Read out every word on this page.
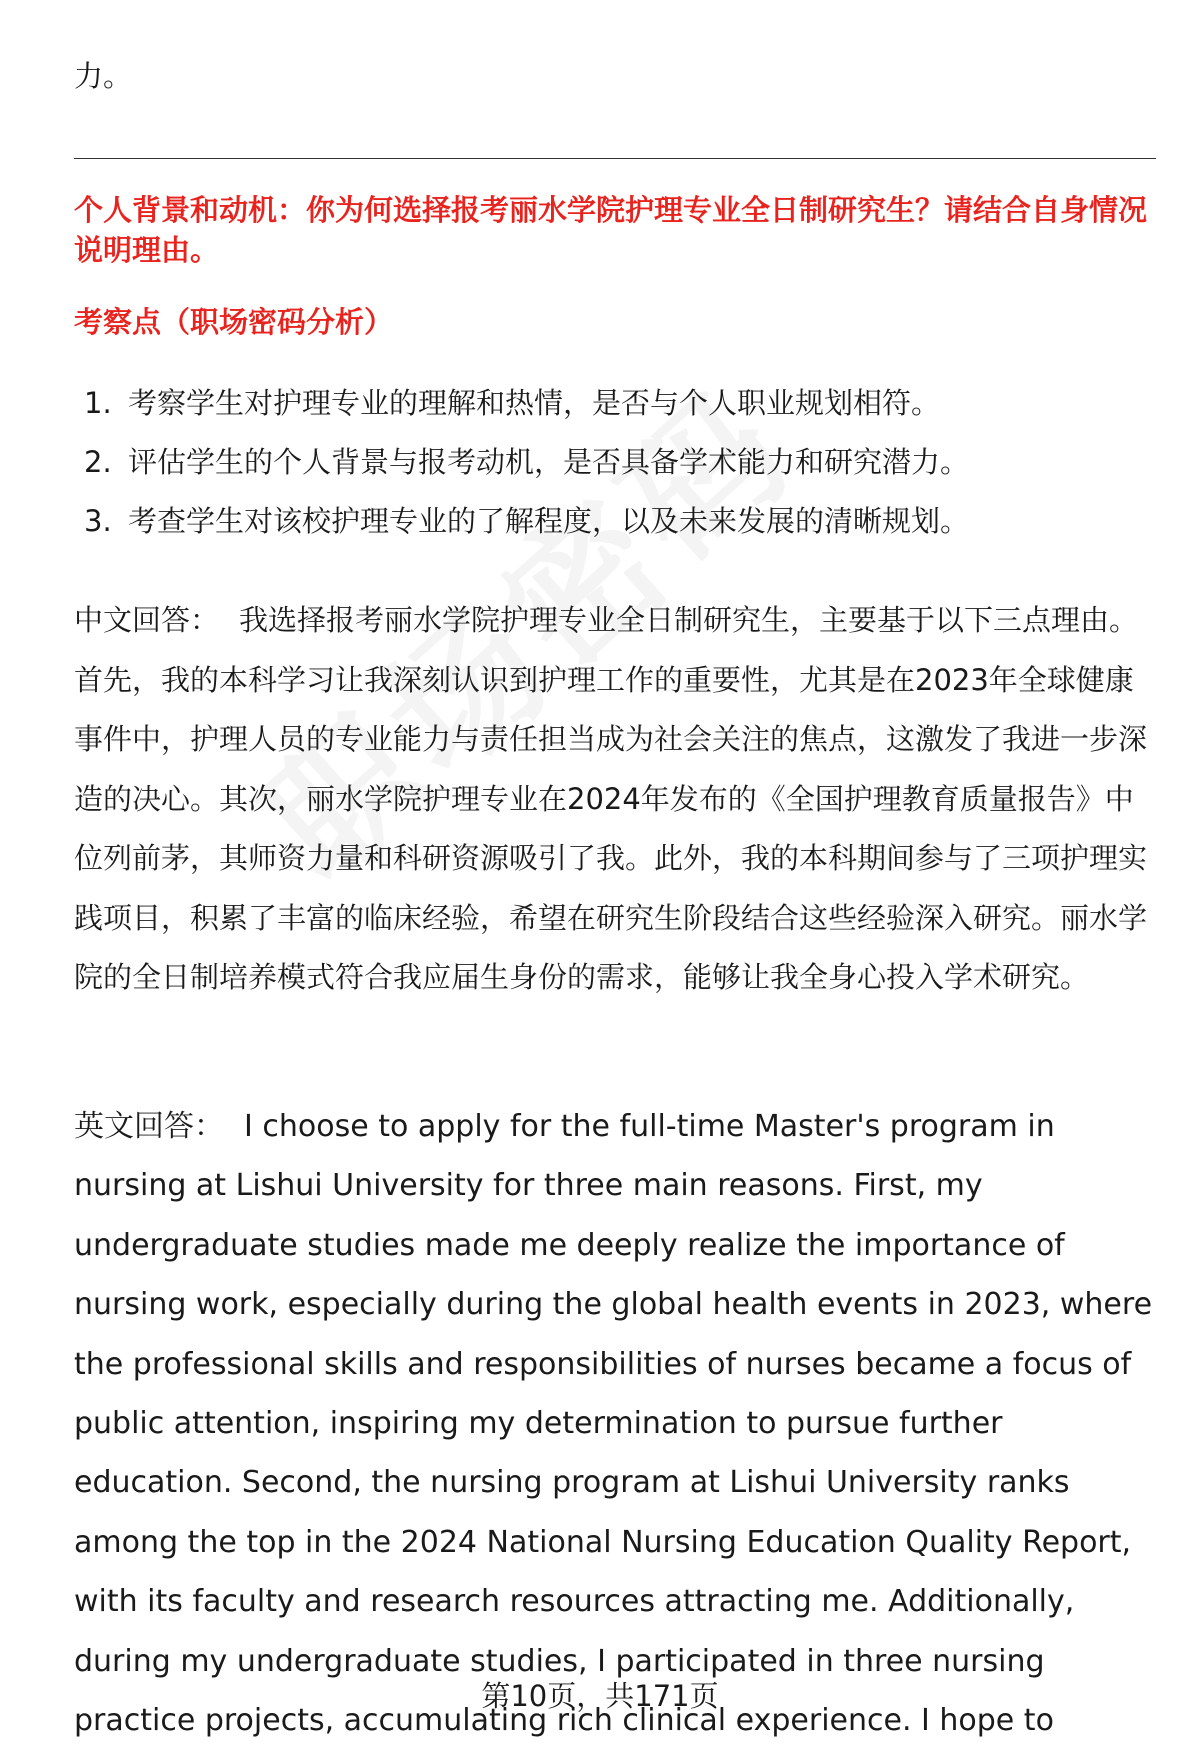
力。
个人背景和动机：你为何选择报考丽水学院护理专业全日制研究生？请结合自身情况说明理由。
考察点（职场密码分析）
1. 考察学生对护理专业的理解和热情，是否与个人职业规划相符。
2. 评估学生的个人背景与报考动机，是否具备学术能力和研究潜力。
3. 考查学生对该校护理专业的了解程度，以及未来发展的清晰规划。
中文回答： 我选择报考丽水学院护理专业全日制研究生，主要基于以下三点理由。首先，我的本科学习让我深刻认识到护理工作的重要性，尤其是在2023年全球健康事件中，护理人员的专业能力与责任担当成为社会关注的焦点，这激发了我进一步深造的决心。其次，丽水学院护理专业在2024年发布的《全国护理教育质量报告》中位列前茅，其师资力量和科研资源吸引了我。此外，我的本科期间参与了三项护理实践项目，积累了丰富的临床经验，希望在研究生阶段结合这些经验深入研究。丽水学院的全日制培养模式符合我应届生身份的需求，能够让我全身心投入学术研究。
英文回答： I choose to apply for the full-time Master's program in nursing at Lishui University for three main reasons. First, my undergraduate studies made me deeply realize the importance of nursing work, especially during the global health events in 2023, where the professional skills and responsibilities of nurses became a focus of public attention, inspiring my determination to pursue further education. Second, the nursing program at Lishui University ranks among the top in the 2024 National Nursing Education Quality Report, with its faculty and research resources attracting me. Additionally, during my undergraduate studies, I participated in three nursing practice projects, accumulating rich clinical experience. I hope to
第10页，共171页
